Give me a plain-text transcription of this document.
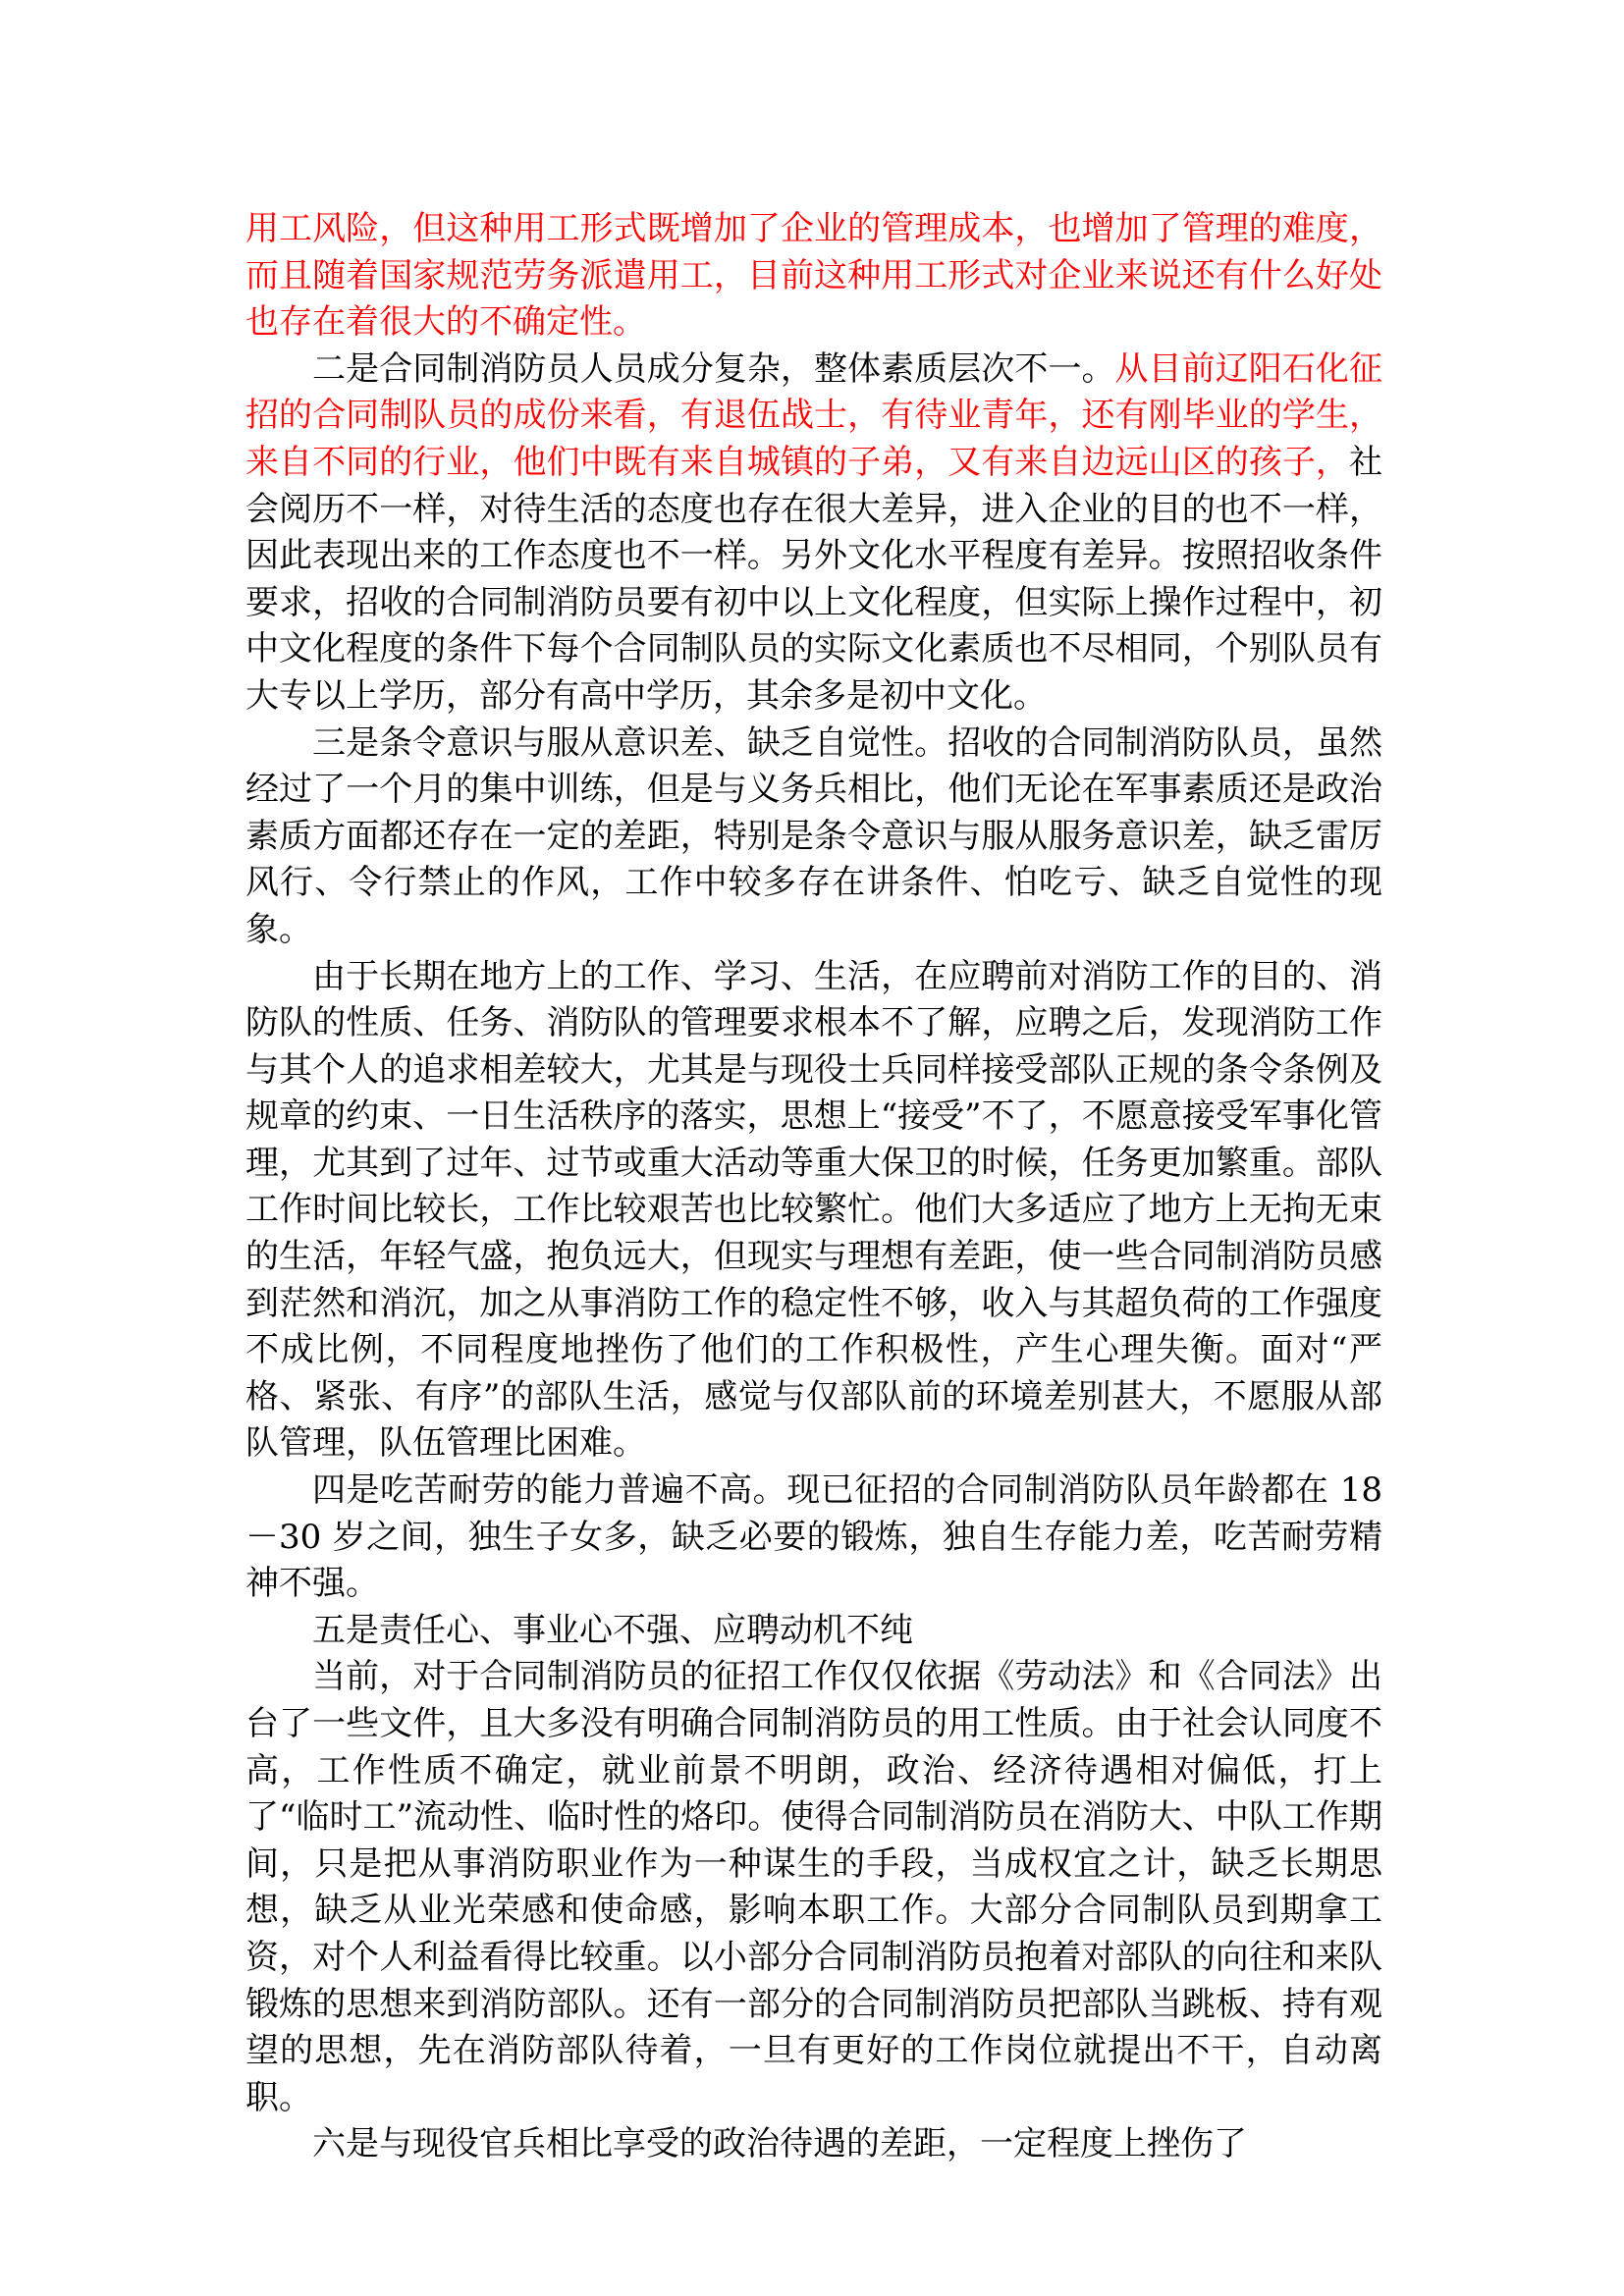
用工风险，但这种用工形式既增加了企业的管理成本，也增加了管理的难度，而且随着国家规范劳务派遣用工，目前这种用工形式对企业来说还有什么好处也存在着很大的不确定性。

二是合同制消防员人员成分复杂，整体素质层次不一。从目前辽阳石化征招的合同制队员的成份来看，有退伍战士，有待业青年，还有刚毕业的学生，来自不同的行业，他们中既有来自城镇的子弟，又有来自边远山区的孩子，社会阅历不一样，对待生活的态度也存在很大差异，进入企业的目的也不一样，因此表现出来的工作态度也不一样。另外文化水平程度有差异。按照招收条件要求，招收的合同制消防员要有初中以上文化程度，但实际上操作过程中，初中文化程度的条件下每个合同制队员的实际文化素质也不尽相同，个别队员有大专以上学历，部分有高中学历，其余多是初中文化。

三是条令意识与服从意识差、缺乏自觉性。招收的合同制消防队员，虽然经过了一个月的集中训练，但是与义务兵相比，他们无论在军事素质还是政治素质方面都还存在一定的差距，特别是条令意识与服从服务意识差，缺乏雷厉风行、令行禁止的作风，工作中较多存在讲条件、怕吃亏、缺乏自觉性的现象。

由于长期在地方上的工作、学习、生活，在应聘前对消防工作的目的、消防队的性质、任务、消防队的管理要求根本不了解，应聘之后，发现消防工作与其个人的追求相差较大，尤其是与现役士兵同样接受部队正规的条令条例及规章的约束、一日生活秩序的落实，思想上“接受”不了，不愿意接受军事化管理，尤其到了过年、过节或重大活动等重大保卫的时候，任务更加繁重。部队工作时间比较长，工作比较艰苦也比较繁忙。他们大多适应了地方上无拘无束的生活，年轻气盛，抱负远大，但现实与理想有差距，使一些合同制消防员感到茫然和消沉，加之从事消防工作的稳定性不够，收入与其超负荷的工作强度不成比例，不同程度地挫伤了他们的工作积极性，产生心理失衡。面对“严格、紧张、有序”的部队生活，感觉与仅部队前的环境差别甚大，不愿服从部队管理，队伍管理比困难。

四是吃苦耐劳的能力普遍不高。现已征招的合同制消防队员年龄都在 18－30 岁之间，独生子女多，缺乏必要的锻炼，独自生存能力差，吃苦耐劳精神不强。

五是责任心、事业心不强、应聘动机不纯

当前，对于合同制消防员的征招工作仅仅依据《劳动法》和《合同法》出台了一些文件，且大多没有明确合同制消防员的用工性质。由于社会认同度不高，工作性质不确定，就业前景不明朗，政治、经济待遇相对偏低，打上了“临时工”流动性、临时性的烙印。使得合同制消防员在消防大、中队工作期间，只是把从事消防职业作为一种谋生的手段，当成权宜之计，缺乏长期思想，缺乏从业光荣感和使命感，影响本职工作。大部分合同制队员到期拿工资，对个人利益看得比较重。以小部分合同制消防员抱着对部队的向往和来队锻炼的思想来到消防部队。还有一部分的合同制消防员把部队当跳板、持有观望的思想，先在消防部队待着，一旦有更好的工作岗位就提出不干，自动离职。

六是与现役官兵相比享受的政治待遇的差距，一定程度上挫伤了
